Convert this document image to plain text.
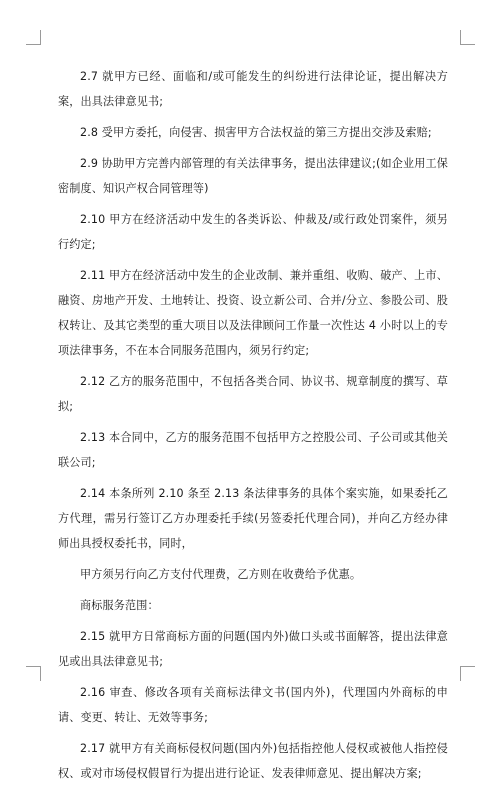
2.7 就甲方已经、面临和/或可能发生的纠纷进行法律论证，提出解决方案，出具法律意见书;

2.8 受甲方委托，向侵害、损害甲方合法权益的第三方提出交涉及索赔;

2.9 协助甲方完善内部管理的有关法律事务，提出法律建议;(如企业用工保密制度、知识产权合同管理等)

2.10 甲方在经济活动中发生的各类诉讼、仲裁及/或行政处罚案件，须另行约定;

2.11 甲方在经济活动中发生的企业改制、兼并重组、收购、破产、上市、融资、房地产开发、土地转让、投资、设立新公司、合并/分立、参股公司、股权转让、及其它类型的重大项目以及法律顾问工作量一次性达 4 小时以上的专项法律事务，不在本合同服务范围内，须另行约定;

2.12 乙方的服务范围中，不包括各类合同、协议书、规章制度的撰写、草拟;

2.13 本合同中，乙方的服务范围不包括甲方之控股公司、子公司或其他关联公司;

2.14 本条所列 2.10 条至 2.13 条法律事务的具体个案实施，如果委托乙方代理，需另行签订乙方办理委托手续(另签委托代理合同)，并向乙方经办律师出具授权委托书，同时，

甲方须另行向乙方支付代理费，乙方则在收费给予优惠。

商标服务范围：

2.15 就甲方日常商标方面的问题(国内外)做口头或书面解答，提出法律意见或出具法律意见书;

2.16 审查、修改各项有关商标法律文书(国内外)，代理国内外商标的申请、变更、转让、无效等事务;

2.17 就甲方有关商标侵权问题(国内外)包括指控他人侵权或被他人指控侵权、或对市场侵权假冒行为提出进行论证、发表律师意见、提出解决方案;
